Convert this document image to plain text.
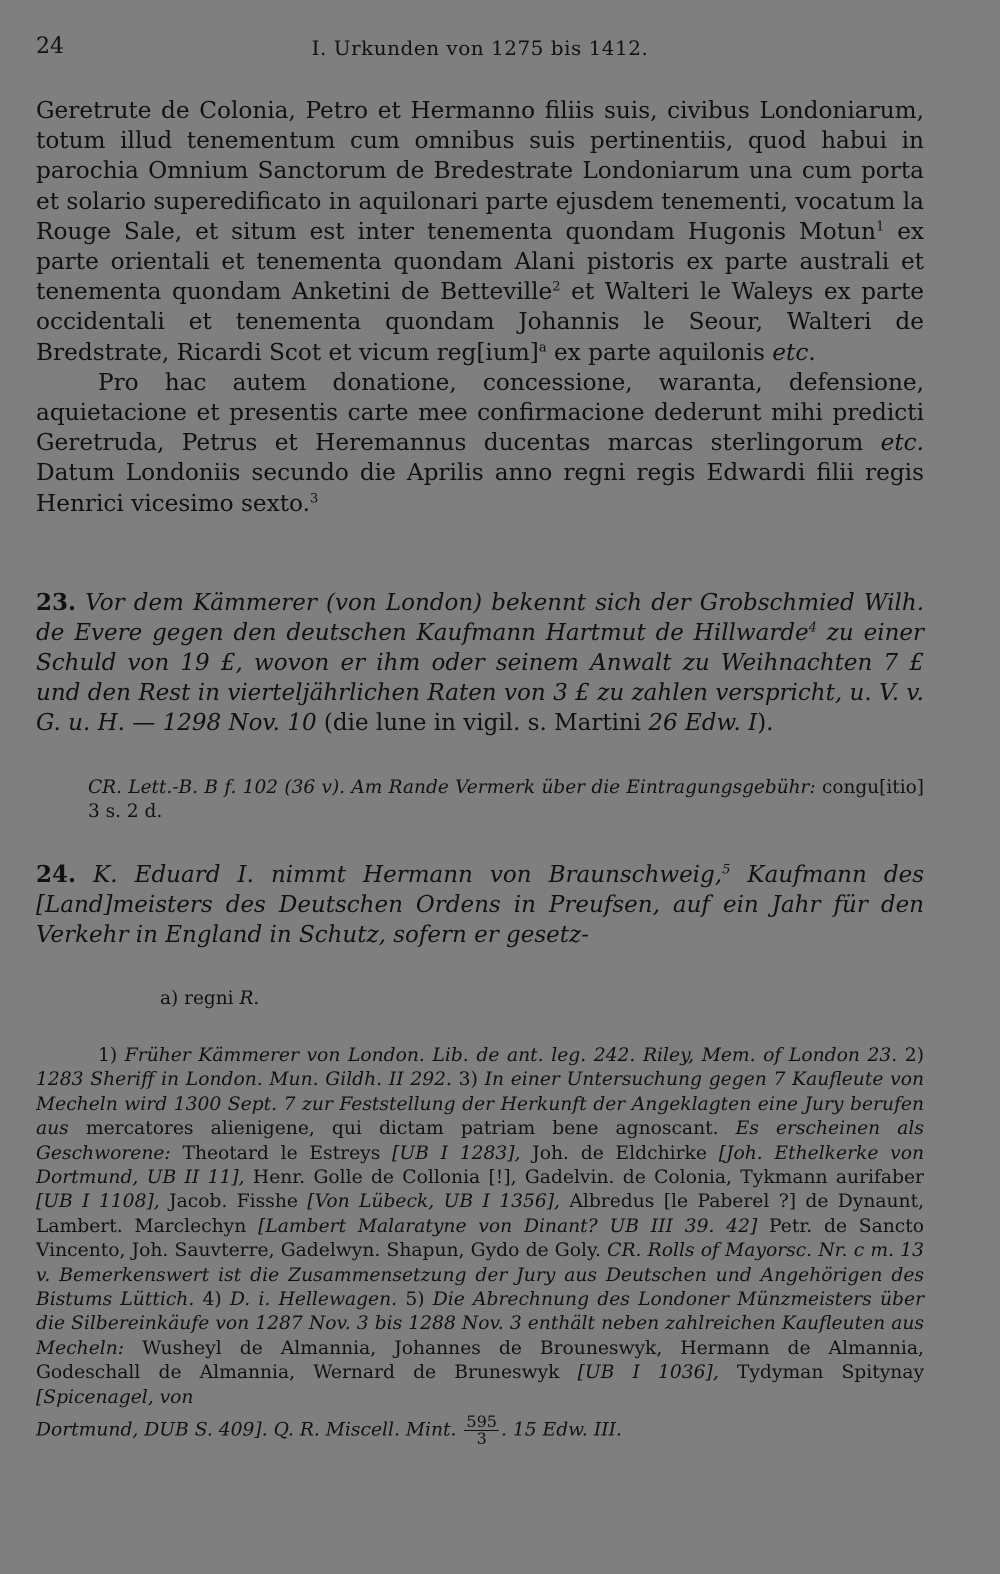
24	I. Urkunden von 1275 bis 1412.

Geretrute de Colonia, Petro et Hermanno filiis suis, civibus Londoniarum, totum illud tenementum cum omnibus suis pertinentiis, quod habui in parochia Omnium Sanctorum de Bredestrate Londoniarum una cum porta et solario superedificato in aquilonari parte ejusdem tenementi, vocatum la Rouge Sale, et situm est inter tenementa quondam Hugonis Motun$^1$ ex parte orientali et tenementa quondam Alani pistoris ex parte australi et tenementa quondam Anketini de Betteville$^2$ et Walteri le Waleys ex parte occidentali et tenementa quondam Johannis le Seour, Walteri de Bredstrate, Ricardi Scot et vicum reg[ium]$^a$ ex parte aquilonis etc.

Pro hac autem donatione, concessione, waranta, defensione, aquietacione et presentis carte mee confirmacione dederunt mihi predicti Geretruda, Petrus et Heremannus ducentas marcas sterlingorum etc. Datum Londoniis secundo die Aprilis anno regni regis Edwardi filii regis Henrici vicesimo sexto.$^3$

23. Vor dem Kämmerer (von London) bekennt sich der Grobschmied Wilh. de Evere gegen den deutschen Kaufmann Hartmut de Hillwarde$^4$ zu einer Schuld von 19 £, wovon er ihm oder seinem Anwalt zu Weihnachten 7 £ und den Rest in vierteljährlichen Raten von 3 £ zu zahlen verspricht, u. V. v. G. u. H. — 1298 Nov. 10 (die lune in vigil. s. Martini 26 Edw. I).
CR. Lett.-B. B f. 102 (36 v). Am Rande Vermerk über die Eintragungsgebühr: congu[itio] 3 s. 2 d.
24. K. Eduard I. nimmt Hermann von Braunschweig,$^5$ Kaufmann des [Land]meisters des Deutschen Ordens in Preufsen, auf ein Jahr für den Verkehr in England in Schutz, sofern er gesetz-
a) regni R.

1) Früher Kämmerer von London. Lib. de ant. leg. 242. Riley, Mem. of London 23. 2) 1283 Sheriff in London. Mun. Gildh. II 292. 3) In einer Untersuchung gegen 7 Kaufleute von Mecheln wird 1300 Sept. 7 zur Feststellung der Herkunft der Angeklagten eine Jury berufen aus mercatores alienigene, qui dictam patriam bene agnoscant. Es erscheinen als Geschworene: Theotard le Estreys [UB I 1283], Joh. de Eldchirke [Joh. Ethelkerke von Dortmund, UB II 11], Henr. Golle de Collonia [!], Gadelvin. de Colonia, Tykmann aurifaber [UB I 1108], Jacob. Fisshe [Von Lübeck, UB I 1356], Albredus [le Paberel ?] de Dynaunt, Lambert. Marclechyn [Lambert Malaratyne von Dinant? UB III 39. 42] Petr. de Sancto Vincento, Joh. Sauvterre, Gadelwyn. Shapun, Gydo de Goly. CR. Rolls of Mayorsc. Nr. c m. 13 v. Bemerkenswert ist die Zusammensetzung der Jury aus Deutschen und Angehörigen des Bistums Lüttich. 4) D. i. Hellewagen. 5) Die Abrechnung des Londoner Münzmeisters über die Silbereinkäufe von 1287 Nov. 3 bis 1288 Nov. 3 enthält neben zahlreichen Kaufleuten aus Mecheln: Wusheyl de Almannia, Johannes de Brouneswyk, Hermann de Almannia, Godeschall de Almannia, Wernard de Bruneswyk [UB I 1036], Tydyman Spitynay [Spicenagel, von

Dortmund, DUB S. 409]. Q. R. Miscell. Mint. $\frac{595}{3}$ . 15 Edw. III.
